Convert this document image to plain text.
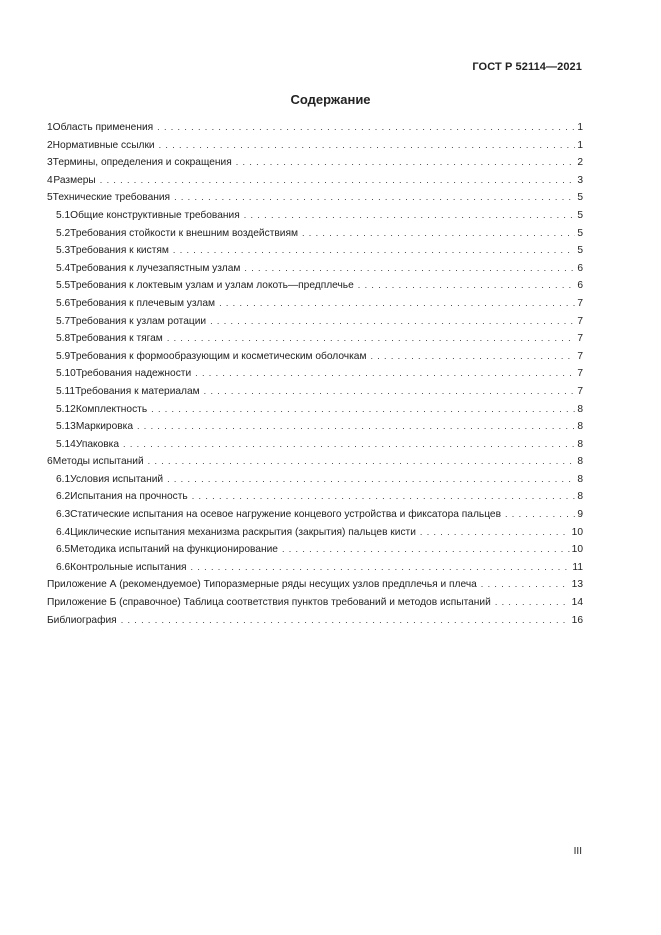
ГОСТ Р 52114—2021
Содержание
1 Область применения . . .	1
2 Нормативные ссылки . . .	1
3 Термины, определения и сокращения . . .	2
4 Размеры . . .	3
5 Технические требования . . .	5
5.1 Общие конструктивные требования . . .	5
5.2 Требования стойкости к внешним воздействиям . . .	5
5.3 Требования к кистям . . .	5
5.4 Требования к лучезапястным узлам . . .	6
5.5 Требования к локтевым узлам и узлам локоть—предплечье . . .	6
5.6 Требования к плечевым узлам . . .	7
5.7 Требования к узлам ротации . . .	7
5.8 Требования к тягам . . .	7
5.9 Требования к формообразующим и косметическим оболочкам . . .	7
5.10 Требования надежности . . .	7
5.11 Требования к материалам . . .	7
5.12 Комплектность . . .	8
5.13 Маркировка . . .	8
5.14 Упаковка . . .	8
6 Методы испытаний . . .	8
6.1 Условия испытаний . . .	8
6.2 Испытания на прочность . . .	8
6.3 Статические испытания на осевое нагружение концевого устройства и фиксатора пальцев . . .	9
6.4 Циклические испытания механизма раскрытия (закрытия) пальцев кисти . . .	10
6.5 Методика испытаний на функционирование . . .	10
6.6 Контрольные испытания . . .	11
Приложение А (рекомендуемое) Типоразмерные ряды несущих узлов предплечья и плеча . . .	13
Приложение Б (справочное) Таблица соответствия пунктов требований и методов испытаний . . .	14
Библиография . . .	16
III
